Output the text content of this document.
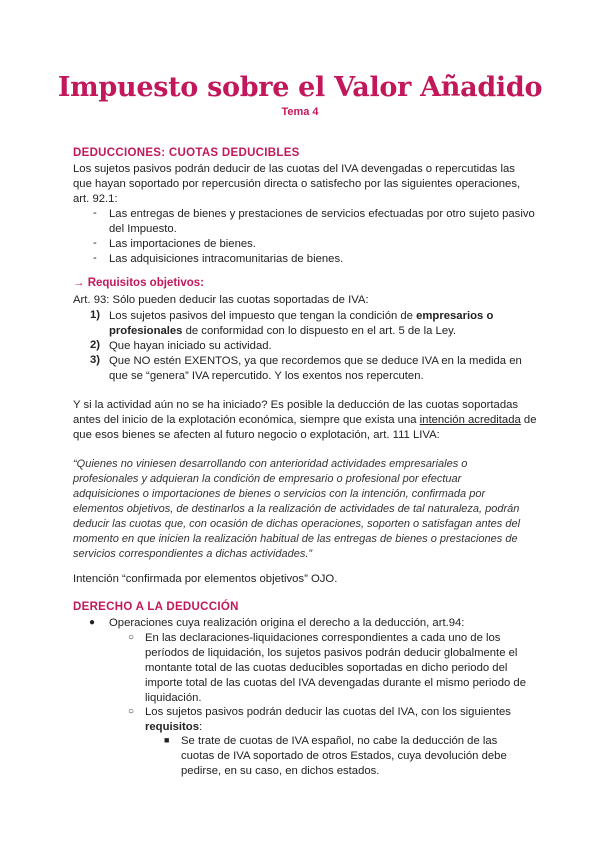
Impuesto sobre el Valor Añadido
Tema 4
DEDUCCIONES: CUOTAS DEDUCIBLES
Los sujetos pasivos podrán deducir de las cuotas del IVA devengadas o repercutidas las
que hayan soportado por repercusión directa o satisfecho por las siguientes operaciones,
art. 92.1:
- Las entregas de bienes y prestaciones de servicios efectuadas por otro sujeto pasivo
del Impuesto.
- Las importaciones de bienes.
- Las adquisiciones intracomunitarias de bienes.
→ Requisitos objetivos:
Art. 93: Sólo pueden deducir las cuotas soportadas de IVA:
1) Los sujetos pasivos del impuesto que tengan la condición de empresarios o
profesionales de conformidad con lo dispuesto en el art. 5 de la Ley.
2) Que hayan iniciado su actividad.
3) Que NO estén EXENTOS, ya que recordemos que se deduce IVA en la medida en
que se “genera” IVA repercutido. Y los exentos nos repercuten.
Y si la actividad aún no se ha iniciado? Es posible la deducción de las cuotas soportadas
antes del inicio de la explotación económica, siempre que exista una intención acreditada de
que esos bienes se afecten al futuro negocio o explotación, art. 111 LIVA:
“Quienes no viniesen desarrollando con anterioridad actividades empresariales o
profesionales y adquieran la condición de empresario o profesional por efectuar
adquisiciones o importaciones de bienes o servicios con la intención, confirmada por
elementos objetivos, de destinarlos a la realización de actividades de tal naturaleza, podrán
deducir las cuotas que, con ocasión de dichas operaciones, soporten o satisfagan antes del
momento en que inicien la realización habitual de las entregas de bienes o prestaciones de
servicios correspondientes a dichas actividades.”
Intención “confirmada por elementos objetivos” OJO.
DERECHO A LA DEDUCCIÓN
● Operaciones cuya realización origina el derecho a la deducción, art.94:
○ En las declaraciones-liquidaciones correspondientes a cada uno de los
períodos de liquidación, los sujetos pasivos podrán deducir globalmente el
montante total de las cuotas deducibles soportadas en dicho periodo del
importe total de las cuotas del IVA devengadas durante el mismo periodo de
liquidación.
○ Los sujetos pasivos podrán deducir las cuotas del IVA, con los siguientes
requisitos:
■ Se trate de cuotas de IVA español, no cabe la deducción de las
cuotas de IVA soportado de otros Estados, cuya devolución debe
pedirse, en su caso, en dichos estados.
